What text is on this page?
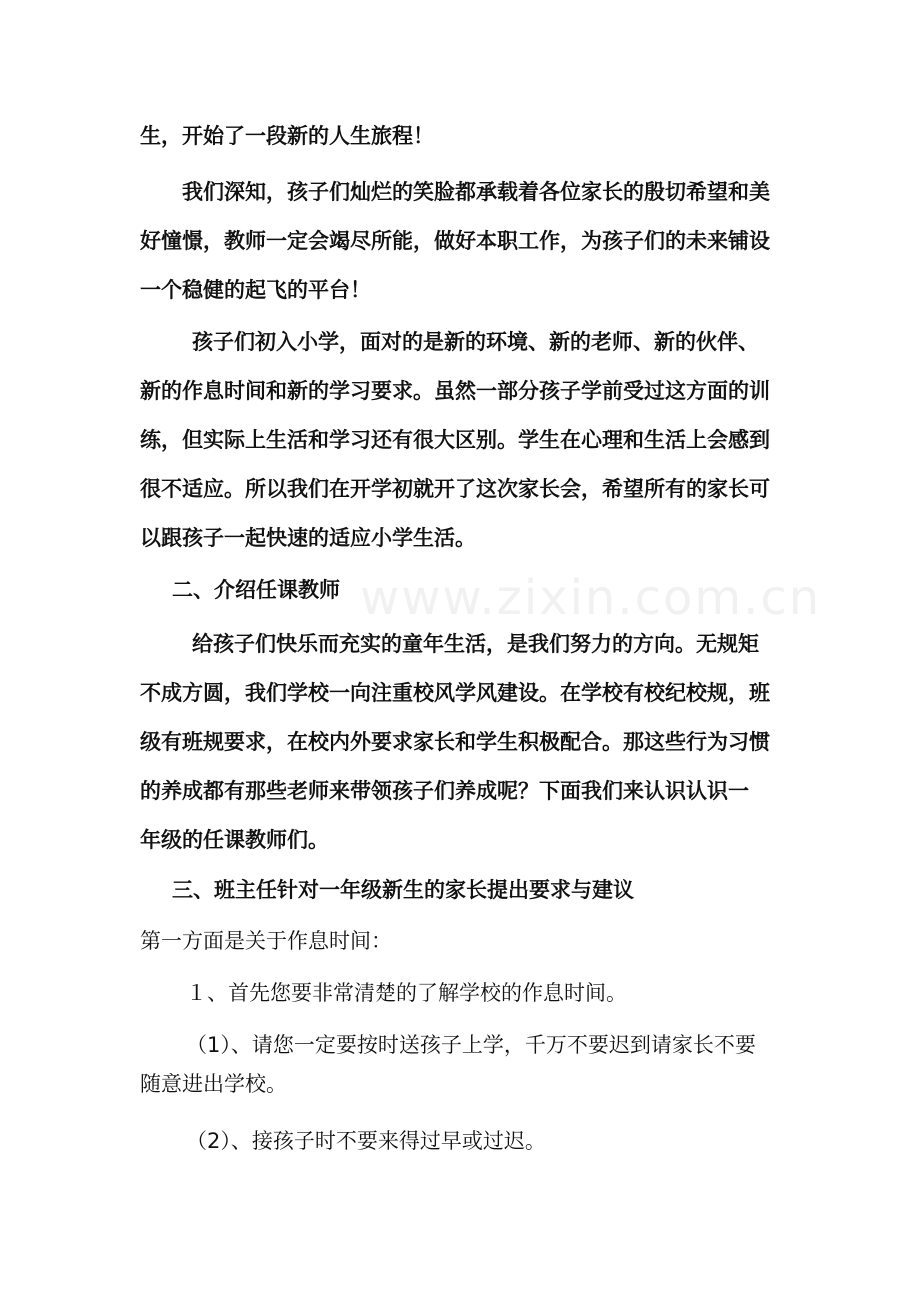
www.zixin.com.cn
生，开始了一段新的人生旅程！
我们深知，孩子们灿烂的笑脸都承载着各位家长的殷切希望和美
好憧憬，教师一定会竭尽所能，做好本职工作，为孩子们的未来铺设
一个稳健的起飞的平台！
孩子们初入小学，面对的是新的环境、新的老师、新的伙伴、
新的作息时间和新的学习要求。虽然一部分孩子学前受过这方面的训
练，但实际上生活和学习还有很大区别。学生在心理和生活上会感到
很不适应。所以我们在开学初就开了这次家长会，希望所有的家长可
以跟孩子一起快速的适应小学生活。
二、介绍任课教师
给孩子们快乐而充实的童年生活，是我们努力的方向。无规矩
不成方圆，我们学校一向注重校风学风建设。在学校有校纪校规，班
级有班规要求，在校内外要求家长和学生积极配合。那这些行为习惯
的养成都有那些老师来带领孩子们养成呢？下面我们来认识认识一
年级的任课教师们。
三、班主任针对一年级新生的家长提出要求与建议
第一方面是关于作息时间：
１、首先您要非常清楚的了解学校的作息时间。
（1）、请您一定要按时送孩子上学，千万不要迟到请家长不要
随意进出学校。
（2）、接孩子时不要来得过早或过迟。
